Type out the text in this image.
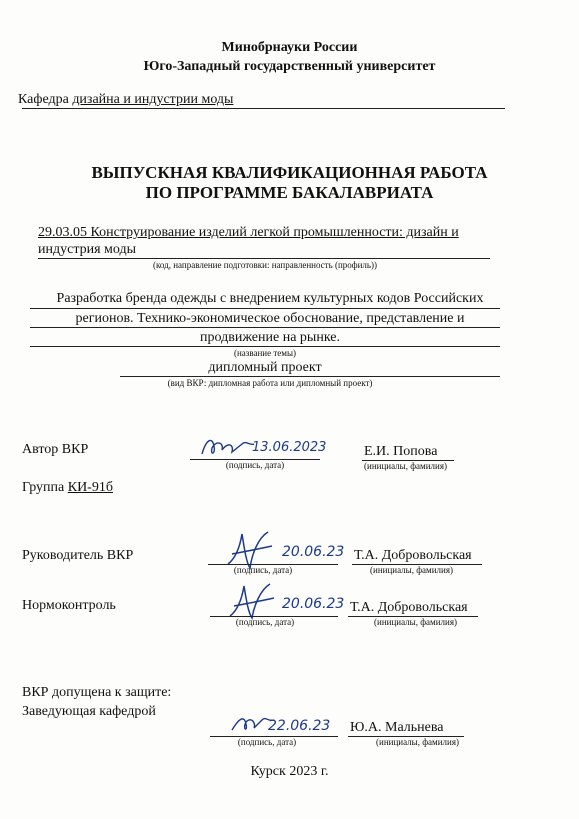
Минобрнауки России
Юго-Западный государственный университет
Кафедра дизайна и индустрии моды
ВЫПУСКНАЯ КВАЛИФИКАЦИОННАЯ РАБОТА
ПО ПРОГРАММЕ БАКАЛАВРИАТА
29.03.05 Конструирование изделий легкой промышленности: дизайн и
индустрия моды
(код, направление подготовки: направленность (профиль))
Разработка бренда одежды с внедрением культурных кодов Российских
регионов. Технико-экономическое обоснование, представление и
продвижение на рынке.
(название темы)
дипломный проект
(вид ВКР: дипломная работа или дипломный проект)
Автор ВКР	13.06.2023
(подпись, дата)
Е.И. Попова
(инициалы, фамилия)
Группа КИ-91б
Руководитель ВКР	20.06.23
(подпись, дата)
Т.А. Добровольская
(инициалы, фамилия)
Нормоконтроль	20.06.23
(подпись, дата)
Т.А. Добровольская
(инициалы, фамилия)
ВКР допущена к защите:
Заведующая кафедрой
22.06.23
(подпись, дата)
Ю.А. Мальнева
(инициалы, фамилия)
Курск 2023 г.
